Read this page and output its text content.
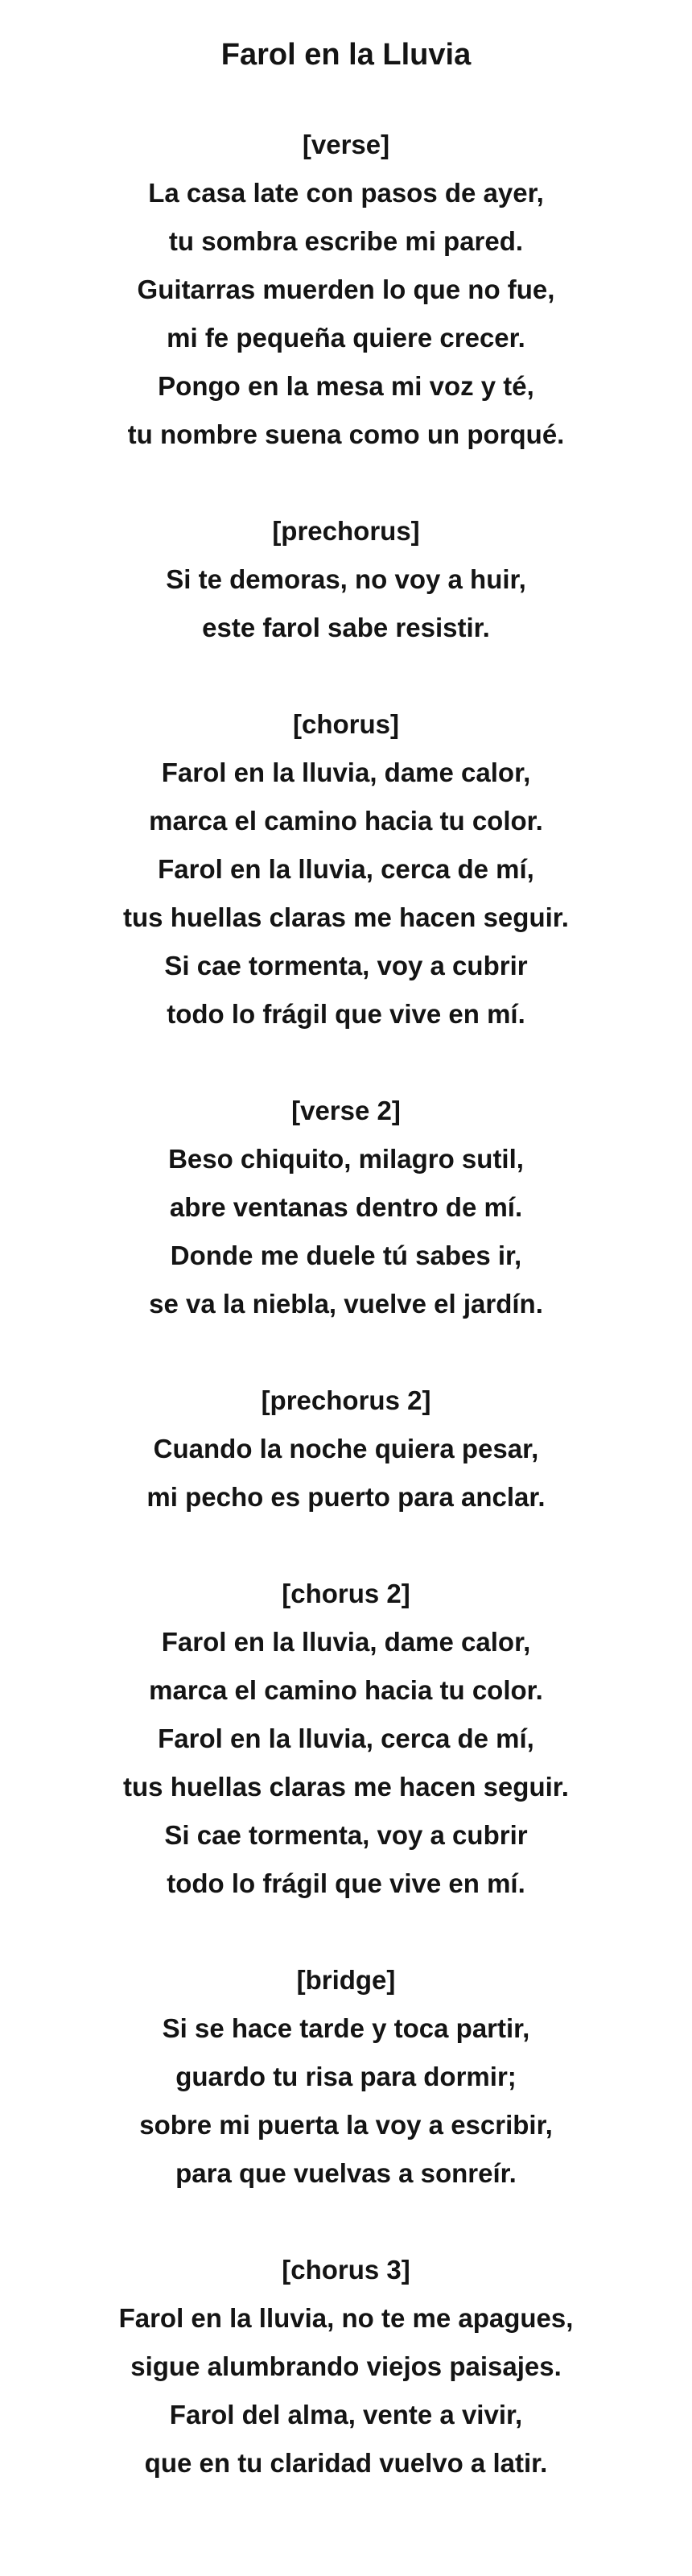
Farol en la Lluvia

[verse]

La casa late con pasos de ayer,

tu sombra escribe mi pared.

Guitarras muerden lo que no fue,

mi fe pequeña quiere crecer.

Pongo en la mesa mi voz y té,

tu nombre suena como un porqué.

[prechorus]

Si te demoras, no voy a huir,

este farol sabe resistir.

[chorus]

Farol en la lluvia, dame calor,

marca el camino hacia tu color.

Farol en la lluvia, cerca de mí,

tus huellas claras me hacen seguir.

Si cae tormenta, voy a cubrir

todo lo frágil que vive en mí.

[verse 2]

Beso chiquito, milagro sutil,

abre ventanas dentro de mí.

Donde me duele tú sabes ir,

se va la niebla, vuelve el jardín.

[prechorus 2]

Cuando la noche quiera pesar,

mi pecho es puerto para anclar.

[chorus 2]

Farol en la lluvia, dame calor,

marca el camino hacia tu color.

Farol en la lluvia, cerca de mí,

tus huellas claras me hacen seguir.

Si cae tormenta, voy a cubrir

todo lo frágil que vive en mí.

[bridge]

Si se hace tarde y toca partir,

guardo tu risa para dormir;

sobre mi puerta la voy a escribir,

para que vuelvas a sonreír.

[chorus 3]

Farol en la lluvia, no te me apagues,

sigue alumbrando viejos paisajes.

Farol del alma, vente a vivir,

que en tu claridad vuelvo a latir.
